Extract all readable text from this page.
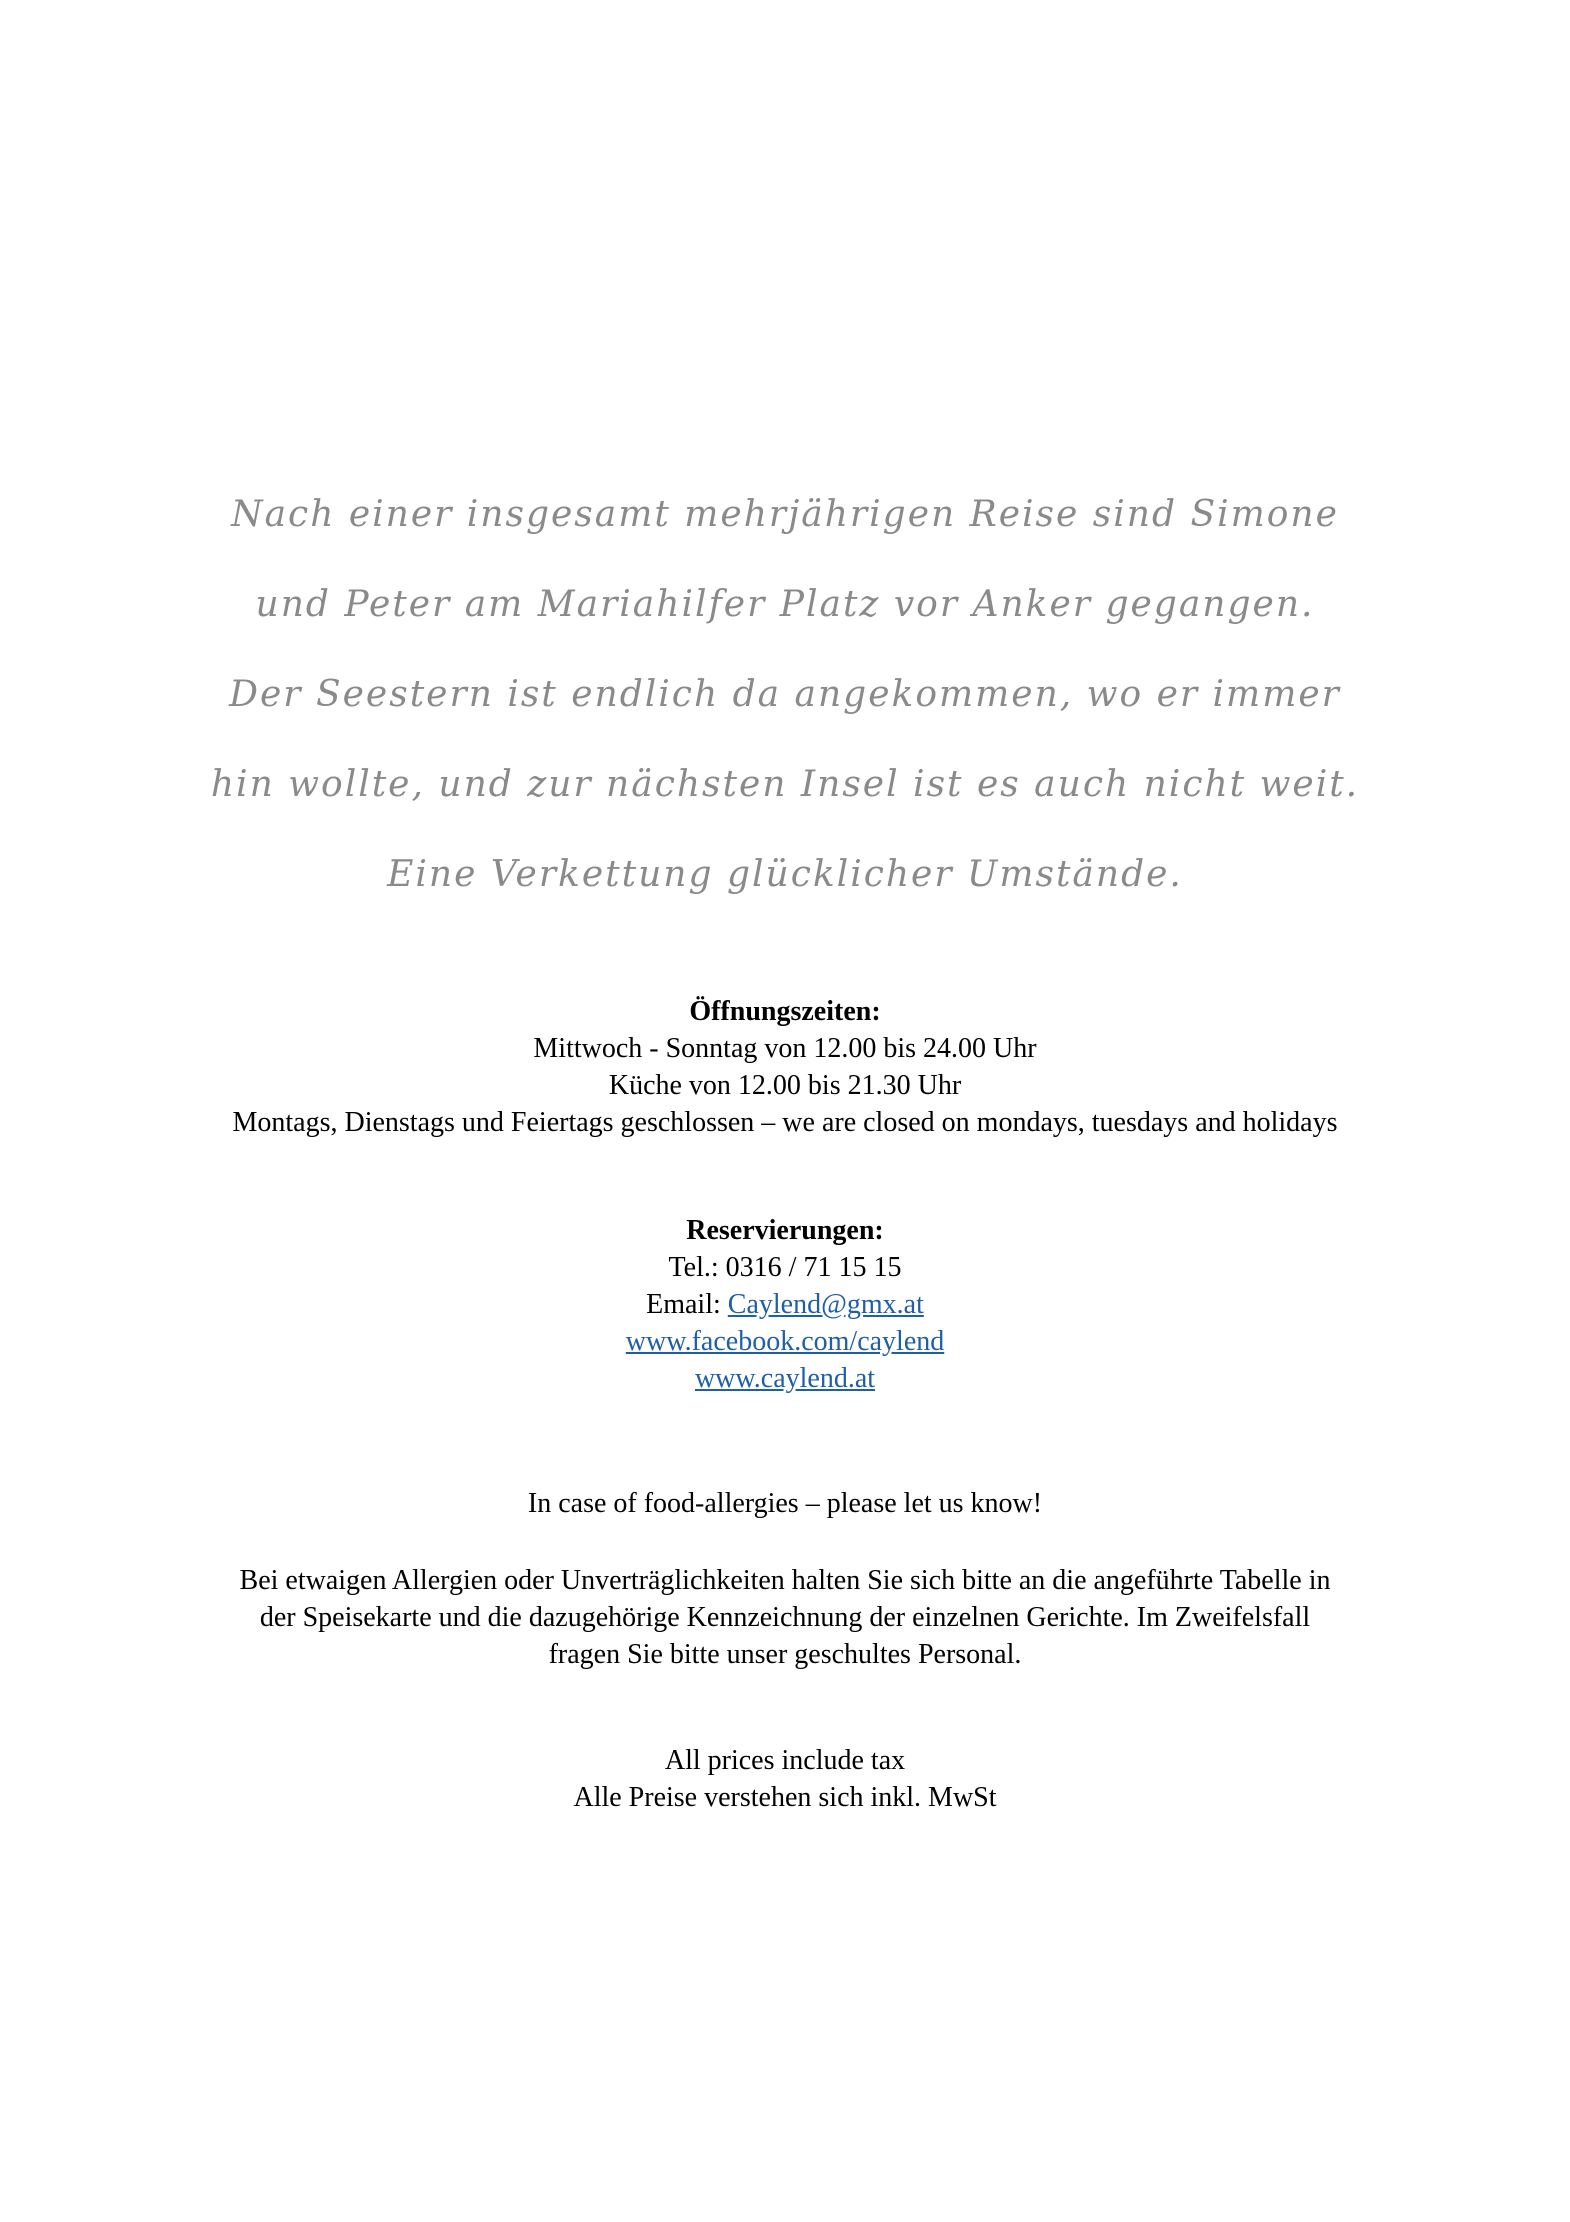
Nach einer insgesamt mehrjährigen Reise sind Simone
und Peter am Mariahilfer Platz vor Anker gegangen.
Der Seestern ist endlich da angekommen, wo er immer
hin wollte, und zur nächsten Insel ist es auch nicht weit.
Eine Verkettung glücklicher Umstände.
Öffnungszeiten:
Mittwoch - Sonntag von 12.00 bis 24.00 Uhr
Küche von 12.00 bis 21.30 Uhr
Montags, Dienstags und Feiertags geschlossen – we are closed on mondays, tuesdays and holidays
Reservierungen:
Tel.: 0316 / 71 15 15
Email: Caylend@gmx.at
www.facebook.com/caylend
www.caylend.at
In case of food-allergies – please let us know!
Bei etwaigen Allergien oder Unverträglichkeiten halten Sie sich bitte an die angeführte Tabelle in
der Speisekarte und die dazugehörige Kennzeichnung der einzelnen Gerichte. Im Zweifelsfall
fragen Sie bitte unser geschultes Personal.
All prices include tax
Alle Preise verstehen sich inkl. MwSt
